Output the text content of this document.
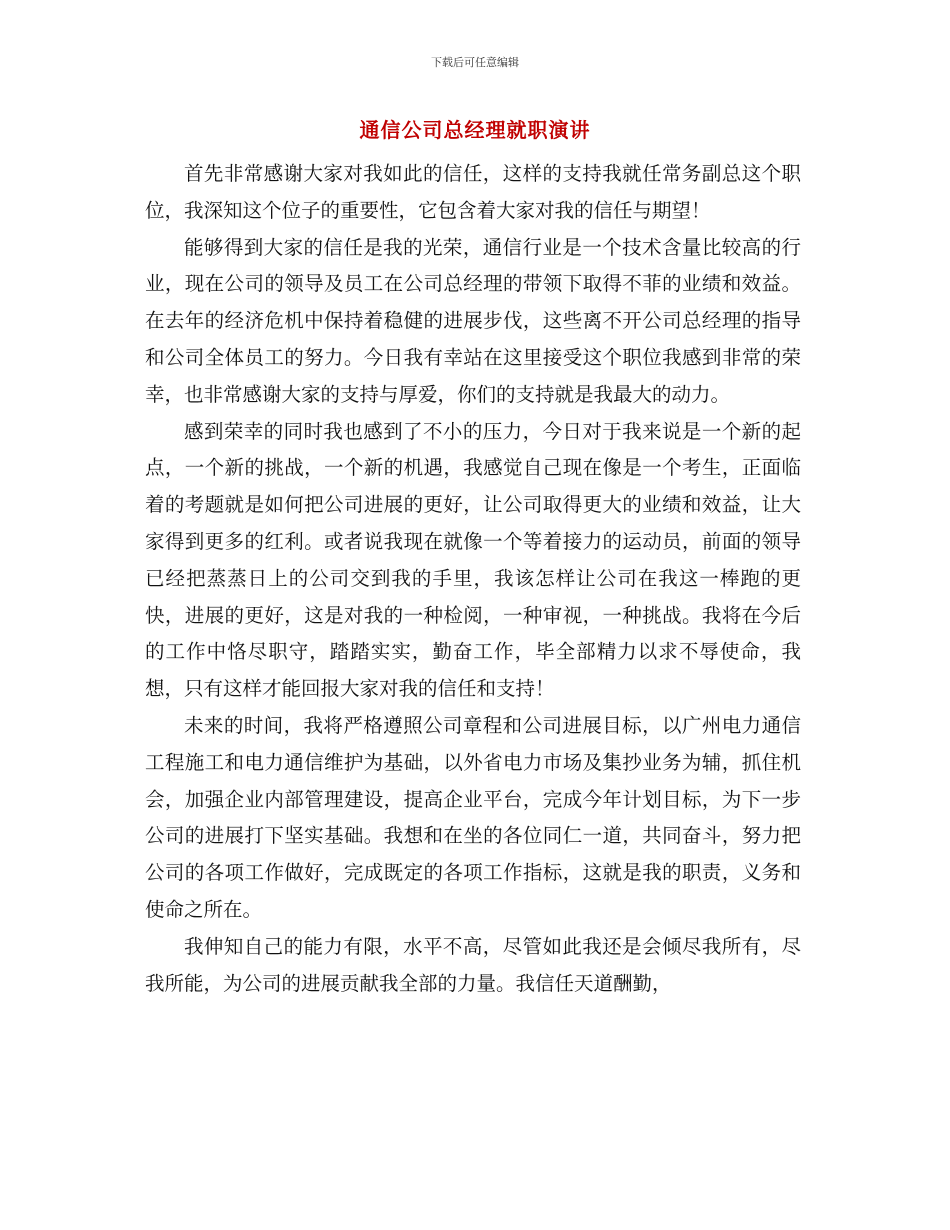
下载后可任意编辑
通信公司总经理就职演讲

首先非常感谢大家对我如此的信任，这样的支持我就任常务副总这个职位，我深知这个位子的重要性，它包含着大家对我的信任与期望！

能够得到大家的信任是我的光荣，通信行业是一个技术含量比较高的行业，现在公司的领导及员工在公司总经理的带领下取得不菲的业绩和效益。在去年的经济危机中保持着稳健的进展步伐，这些离不开公司总经理的指导和公司全体员工的努力。今日我有幸站在这里接受这个职位我感到非常的荣幸，也非常感谢大家的支持与厚爱，你们的支持就是我最大的动力。

感到荣幸的同时我也感到了不小的压力，今日对于我来说是一个新的起点，一个新的挑战，一个新的机遇，我感觉自己现在像是一个考生，正面临着的考题就是如何把公司进展的更好，让公司取得更大的业绩和效益，让大家得到更多的红利。或者说我现在就像一个等着接力的运动员，前面的领导已经把蒸蒸日上的公司交到我的手里，我该怎样让公司在我这一棒跑的更快，进展的更好，这是对我的一种检阅，一种审视，一种挑战。我将在今后的工作中恪尽职守，踏踏实实，勤奋工作，毕全部精力以求不辱使命，我想，只有这样才能回报大家对我的信任和支持！

未来的时间，我将严格遵照公司章程和公司进展目标，以广州电力通信工程施工和电力通信维护为基础，以外省电力市场及集抄业务为辅，抓住机会，加强企业内部管理建设，提高企业平台，完成今年计划目标，为下一步公司的进展打下坚实基础。我想和在坐的各位同仁一道，共同奋斗，努力把公司的各项工作做好，完成既定的各项工作指标，这就是我的职责，义务和使命之所在。

我伸知自己的能力有限，水平不高，尽管如此我还是会倾尽我所有，尽我所能，为公司的进展贡献我全部的力量。我信任天道酬勤，
